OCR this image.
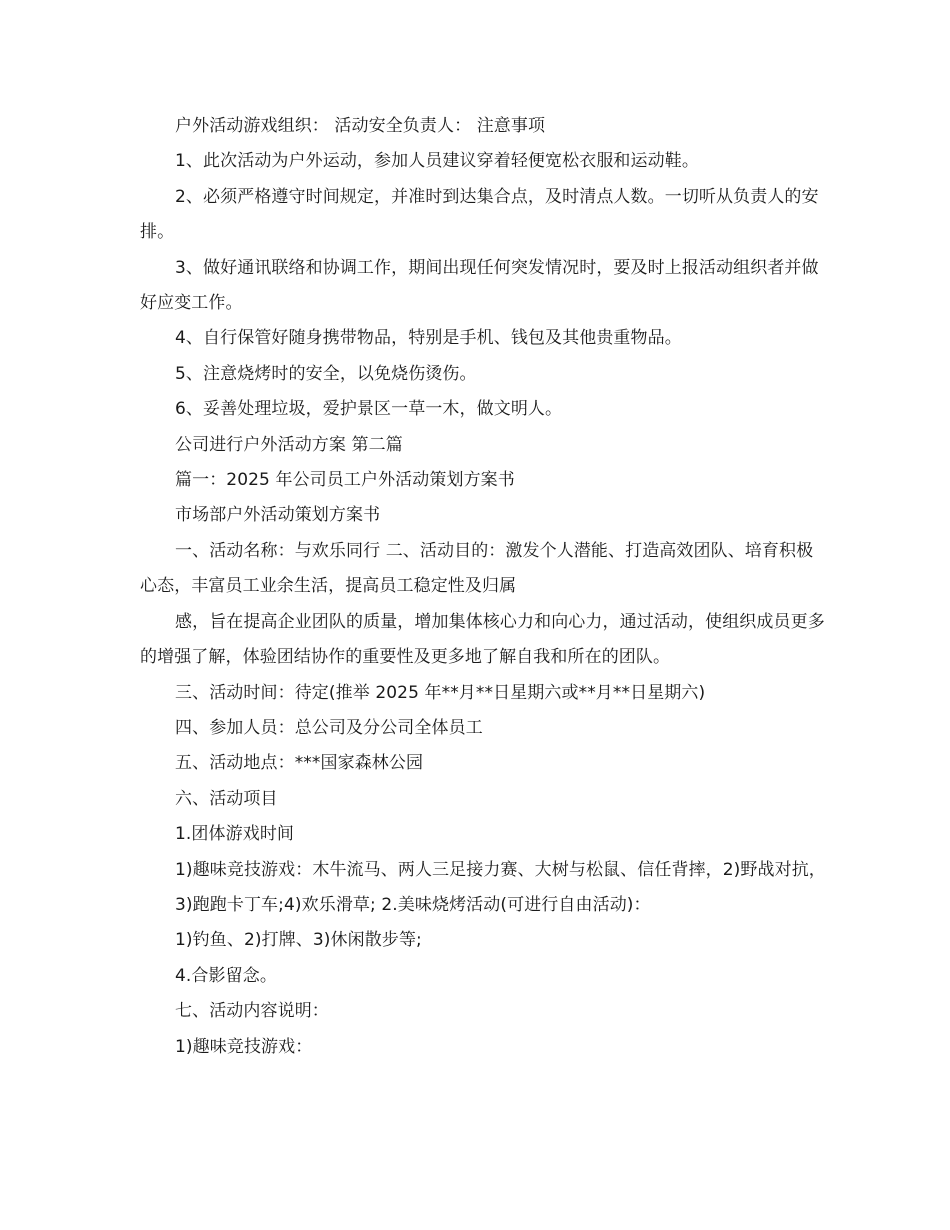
户外活动游戏组织： 活动安全负责人： 注意事项

1、此次活动为户外运动，参加人员建议穿着轻便宽松衣服和运动鞋。

2、必须严格遵守时间规定，并准时到达集合点，及时清点人数。一切听从负责人的安排。

3、做好通讯联络和协调工作，期间出现任何突发情况时，要及时上报活动组织者并做好应变工作。

4、自行保管好随身携带物品，特别是手机、钱包及其他贵重物品。

5、注意烧烤时的安全，以免烧伤烫伤。

6、妥善处理垃圾，爱护景区一草一木，做文明人。

公司进行户外活动方案 第二篇

篇一：2025 年公司员工户外活动策划方案书

市场部户外活动策划方案书

一、活动名称：与欢乐同行 二、活动目的：激发个人潜能、打造高效团队、培育积极心态，丰富员工业余生活，提高员工稳定性及归属

感，旨在提高企业团队的质量，增加集体核心力和向心力，通过活动，使组织成员更多的增强了解，体验团结协作的重要性及更多地了解自我和所在的团队。

三、活动时间：待定(推举 2025 年**月**日星期六或**月**日星期六)

四、参加人员：总公司及分公司全体员工

五、活动地点：***国家森林公园

六、活动项目

1.团体游戏时间

1)趣味竞技游戏：木牛流马、两人三足接力赛、大树与松鼠、信任背摔，2)野战对抗，

3)跑跑卡丁车;4)欢乐滑草; 2.美味烧烤活动(可进行自由活动)：

1)钓鱼、2)打牌、3)休闲散步等;

4.合影留念。

七、活动内容说明：

1)趣味竞技游戏：
